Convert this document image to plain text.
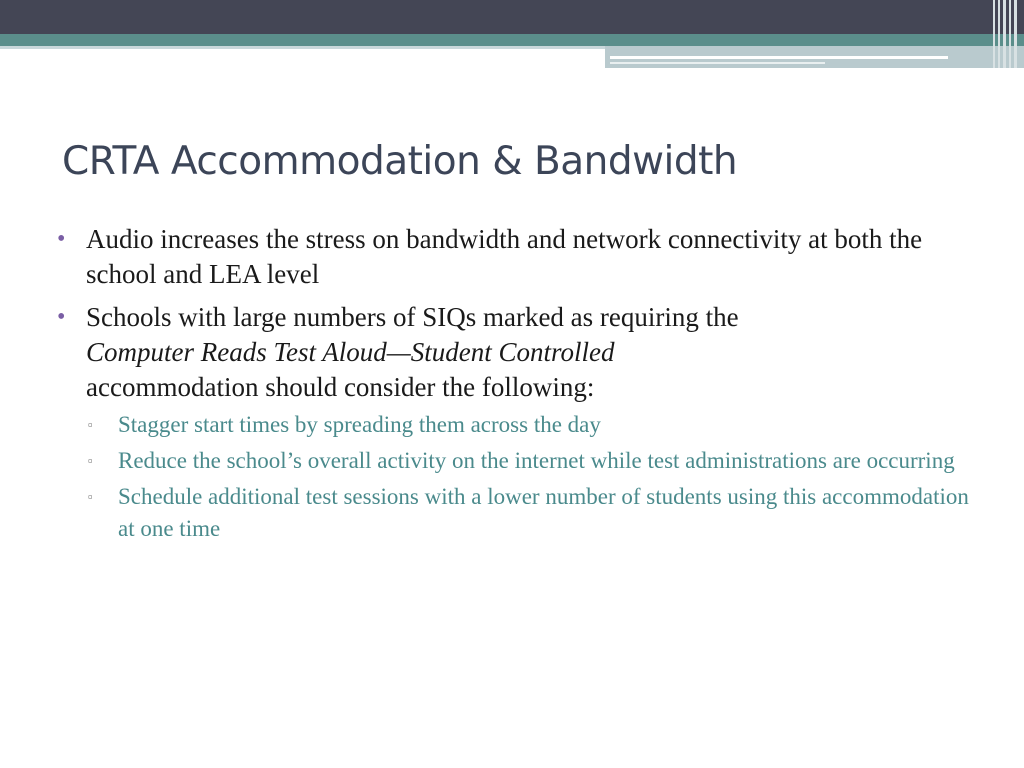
CRTA Accommodation & Bandwidth
• Audio increases the stress on bandwidth and network connectivity at both the school and LEA level
• Schools with large numbers of SIQs marked as requiring the
Computer Reads Test Aloud—Student Controlled
accommodation should consider the following:
▫ Stagger start times by spreading them across the day
▫ Reduce the school’s overall activity on the internet while test administrations are occurring
▫ Schedule additional test sessions with a lower number of students using this accommodation at one time
